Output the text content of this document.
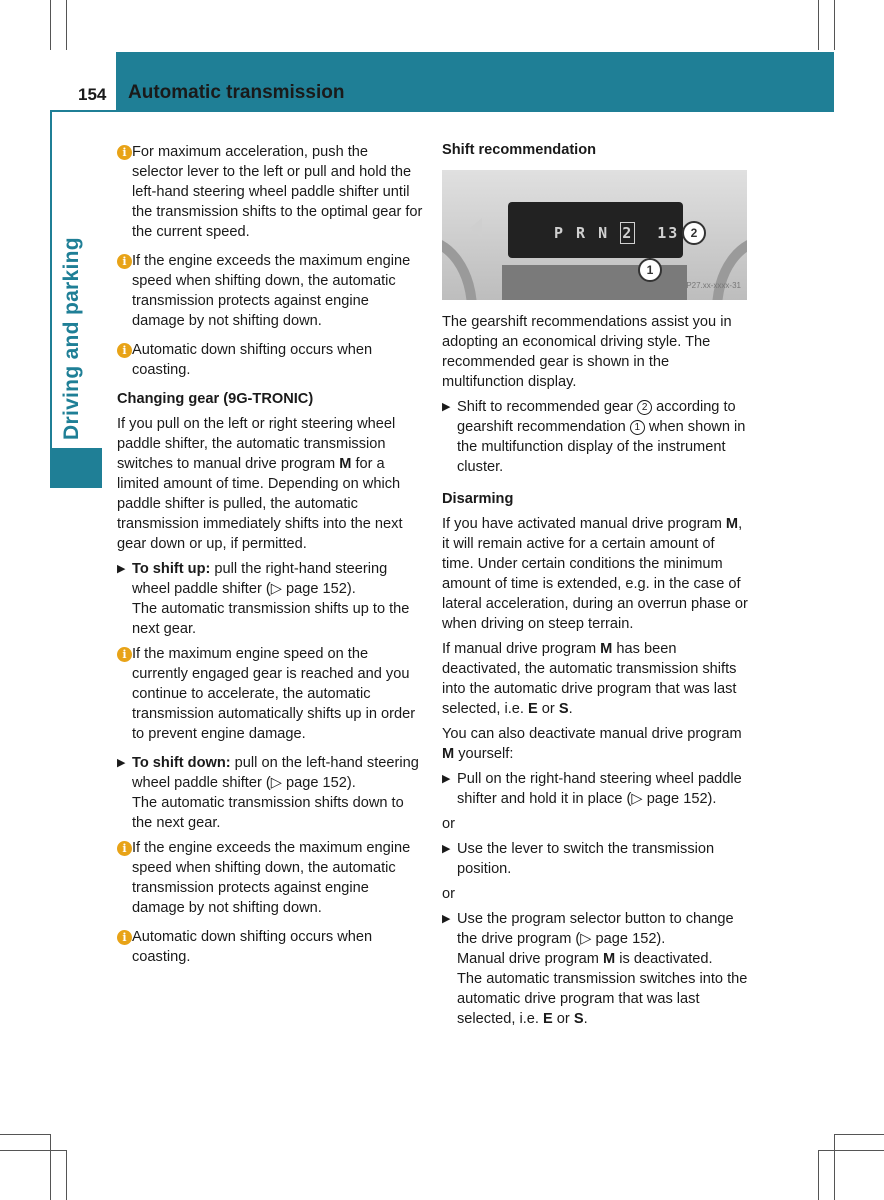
154 Automatic transmission
Driving and parking
i For maximum acceleration, push the selector lever to the left or pull and hold the left-hand steering wheel paddle shifter until the transmission shifts to the optimal gear for the current speed.
i If the engine exceeds the maximum engine speed when shifting down, the automatic transmission protects against engine damage by not shifting down.
i Automatic down shifting occurs when coasting.
Changing gear (9G-TRONIC)

If you pull on the left or right steering wheel paddle shifter, the automatic transmission switches to manual drive program M for a limited amount of time. Depending on which paddle shifter is pulled, the automatic transmission immediately shifts into the next gear down or up, if permitted.

▶ To shift up: pull the right-hand steering wheel paddle shifter (▷ page 152).
The automatic transmission shifts up to the next gear.
i If the maximum engine speed on the currently engaged gear is reached and you continue to accelerate, the automatic transmission automatically shifts up in order to prevent engine damage.
▶ To shift down: pull on the left-hand steering wheel paddle shifter (▷ page 152).
The automatic transmission shifts down to the next gear.
i If the engine exceeds the maximum engine speed when shifting down, the automatic transmission protects against engine damage by not shifting down.
i Automatic down shifting occurs when coasting.
Shift recommendation
P R N 2 13 2
1
P27.xx-xxxx-31

The gearshift recommendations assist you in adopting an economical driving style. The recommended gear is shown in the multifunction display.

▶ Shift to recommended gear 2 according to gearshift recommendation 1 when shown in the multifunction display of the instrument cluster.
Disarming

If you have activated manual drive program M, it will remain active for a certain amount of time. Under certain conditions the minimum amount of time is extended, e.g. in the case of lateral acceleration, during an overrun phase or when driving on steep terrain.

If manual drive program M has been deactivated, the automatic transmission shifts into the automatic drive program that was last selected, i.e. E or S.

You can also deactivate manual drive program M yourself:

▶ Pull on the right-hand steering wheel paddle shifter and hold it in place (▷ page 152).

or

▶ Use the lever to switch the transmission position.

or

▶ Use the program selector button to change the drive program (▷ page 152).
Manual drive program M is deactivated.
The automatic transmission switches into the automatic drive program that was last selected, i.e. E or S.
